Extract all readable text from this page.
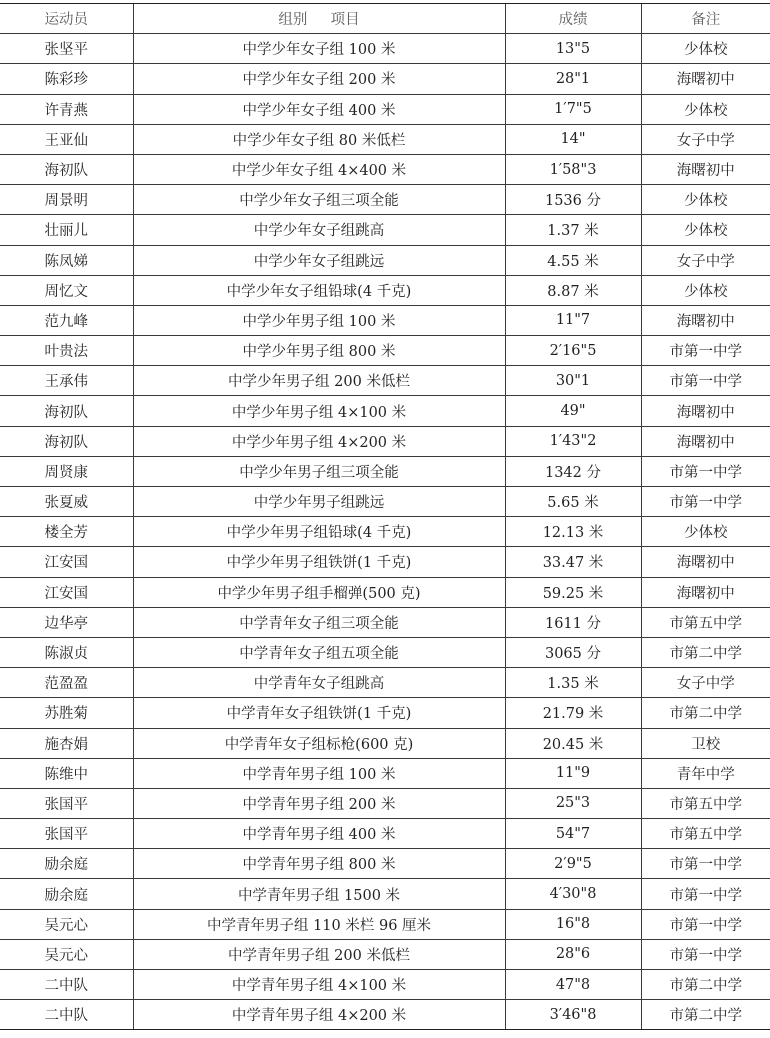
运动员	组别 项目	成绩	备注
张坚平	中学少年女子组 100 米	13"5	少体校
陈彩珍	中学少年女子组 200 米	28"1	海曙初中
许青燕	中学少年女子组 400 米	1′7"5	少体校
王亚仙	中学少年女子组 80 米低栏	14"	女子中学
海初队	中学少年女子组 4×400 米	1′58"3	海曙初中
周景明	中学少年女子组三项全能	1536 分	少体校
壮丽儿	中学少年女子组跳高	1.37 米	少体校
陈凤娣	中学少年女子组跳远	4.55 米	女子中学
周忆文	中学少年女子组铅球(4 千克)	8.87 米	少体校
范九峰	中学少年男子组 100 米	11"7	海曙初中
叶贵法	中学少年男子组 800 米	2′16"5	市第一中学
王承伟	中学少年男子组 200 米低栏	30"1	市第一中学
海初队	中学少年男子组 4×100 米	49"	海曙初中
海初队	中学少年男子组 4×200 米	1′43"2	海曙初中
周贤康	中学少年男子组三项全能	1342 分	市第一中学
张夏威	中学少年男子组跳远	5.65 米	市第一中学
楼全芳	中学少年男子组铅球(4 千克)	12.13 米	少体校
江安国	中学少年男子组铁饼(1 千克)	33.47 米	海曙初中
江安国	中学少年男子组手榴弹(500 克)	59.25 米	海曙初中
边华亭	中学青年女子组三项全能	1611 分	市第五中学
陈淑贞	中学青年女子组五项全能	3065 分	市第二中学
范盈盈	中学青年女子组跳高	1.35 米	女子中学
苏胜菊	中学青年女子组铁饼(1 千克)	21.79 米	市第二中学
施杏娟	中学青年女子组标枪(600 克)	20.45 米	卫校
陈维中	中学青年男子组 100 米	11"9	青年中学
张国平	中学青年男子组 200 米	25"3	市第五中学
张国平	中学青年男子组 400 米	54"7	市第五中学
励余庭	中学青年男子组 800 米	2′9"5	市第一中学
励余庭	中学青年男子组 1500 米	4′30"8	市第一中学
吴元心	中学青年男子组 110 米栏 96 厘米	16"8	市第一中学
吴元心	中学青年男子组 200 米低栏	28"6	市第一中学
二中队	中学青年男子组 4×100 米	47"8	市第二中学
二中队	中学青年男子组 4×200 米	3′46"8	市第二中学
